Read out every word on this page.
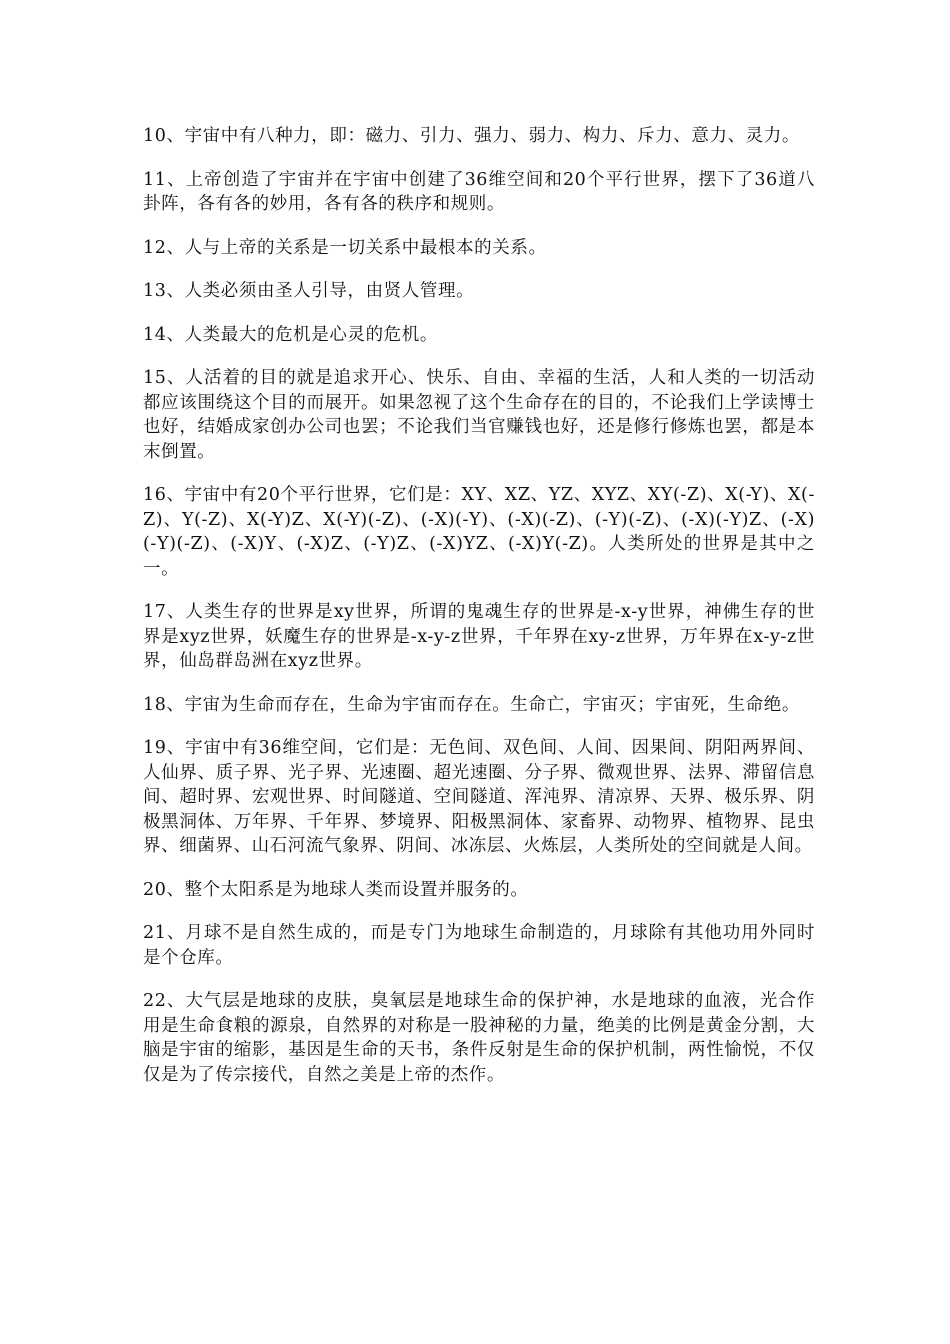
10、宇宙中有八种力，即：磁力、引力、强力、弱力、构力、斥力、意力、灵力。

11、上帝创造了宇宙并在宇宙中创建了36维空间和20个平行世界，摆下了36道八卦阵，各有各的妙用，各有各的秩序和规则。

12、人与上帝的关系是一切关系中最根本的关系。

13、人类必须由圣人引导，由贤人管理。

14、人类最大的危机是心灵的危机。

15、人活着的目的就是追求开心、快乐、自由、幸福的生活，人和人类的一切活动都应该围绕这个目的而展开。如果忽视了这个生命存在的目的，不论我们上学读博士也好，结婚成家创办公司也罢；不论我们当官赚钱也好，还是修行修炼也罢，都是本末倒置。

16、宇宙中有20个平行世界，它们是：XY、XZ、YZ、XYZ、XY(-Z)、X(-Y)、X(-Z)、Y(-Z)、X(-Y)Z、X(-Y)(-Z)、(-X)(-Y)、(-X)(-Z)、(-Y)(-Z)、(-X)(-Y)Z、(-X)(-Y)(-Z)、(-X)Y、(-X)Z、(-Y)Z、(-X)YZ、(-X)Y(-Z)。人类所处的世界是其中之一。

17、人类生存的世界是xy世界，所谓的鬼魂生存的世界是-x-y世界，神佛生存的世界是xyz世界，妖魔生存的世界是-x-y-z世界，千年界在xy-z世界，万年界在x-y-z世界，仙岛群岛洲在xyz世界。

18、宇宙为生命而存在，生命为宇宙而存在。生命亡，宇宙灭；宇宙死，生命绝。

19、宇宙中有36维空间，它们是：无色间、双色间、人间、因果间、阴阳两界间、人仙界、质子界、光子界、光速圈、超光速圈、分子界、微观世界、法界、滞留信息间、超时界、宏观世界、时间隧道、空间隧道、浑沌界、清凉界、天界、极乐界、阴极黑洞体、万年界、千年界、梦境界、阳极黑洞体、家畜界、动物界、植物界、昆虫界、细菌界、山石河流气象界、阴间、冰冻层、火炼层，人类所处的空间就是人间。

20、整个太阳系是为地球人类而设置并服务的。

21、月球不是自然生成的，而是专门为地球生命制造的，月球除有其他功用外同时是个仓库。

22、大气层是地球的皮肤，臭氧层是地球生命的保护神，水是地球的血液，光合作用是生命食粮的源泉，自然界的对称是一股神秘的力量，绝美的比例是黄金分割，大脑是宇宙的缩影，基因是生命的天书，条件反射是生命的保护机制，两性愉悦，不仅仅是为了传宗接代，自然之美是上帝的杰作。
